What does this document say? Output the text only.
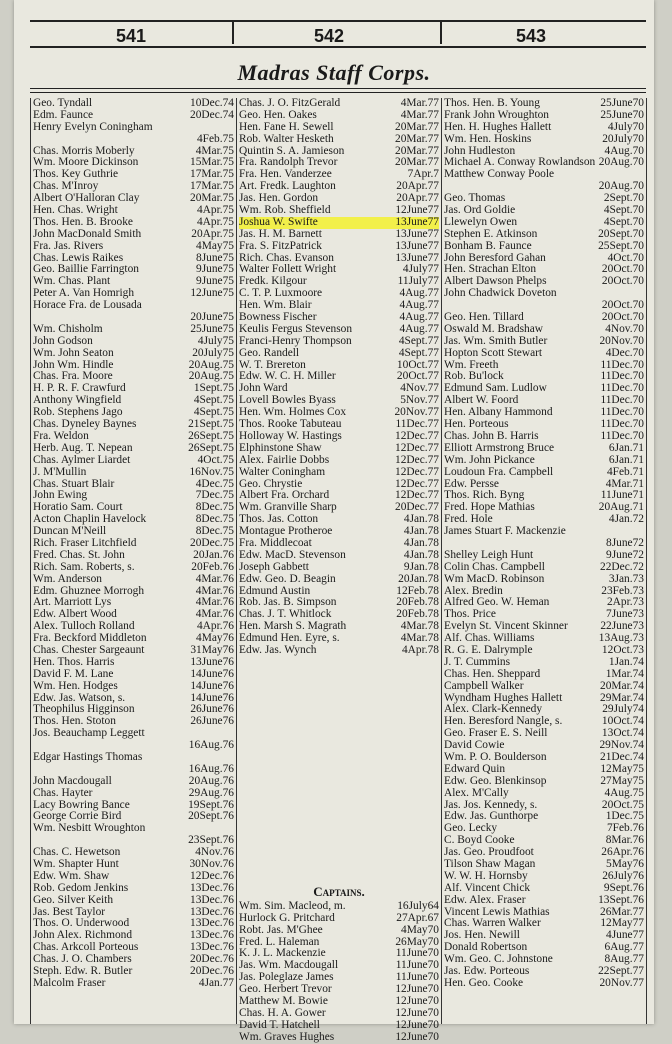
541	542	543
Madras Staff Corps.
Geo. Tyndall	10Dec.74
Edm. Faunce	20Dec.74
Henry Evelyn Coningham
4Feb.75
Chas. Morris Moberly	4Mar.75
Wm. Moore Dickinson	15Mar.75
Thos. Key Guthrie	17Mar.75
Chas. M'Inroy	17Mar.75
Albert O'Halloran Clay	20Mar.75
Hen. Chas. Wright	4Apr.75
Thos. Hen. B. Brooke	4Apr.75
John MacDonald Smith	20Apr.75
Fra. Jas. Rivers	4May75
Chas. Lewis Raikes	8June75
Geo. Baillie Farrington	9June75
Wm. Chas. Plant	9June75
Peter A. Van Homrigh	12June75
Horace Fra. de Lousada
20June75
Wm. Chisholm	25June75
John Godson	4July75
Wm. John Seaton	20July75
John Wm. Hindle	20Aug.75
Chas. Fra. Moore	20Aug.75
H. P. R. F. Crawfurd	1Sept.75
Anthony Wingfield	4Sept.75
Rob. Stephens Jago	4Sept.75
Chas. Dyneley Baynes	21Sept.75
Fra. Weldon	26Sept.75
Herb. Aug. T. Nepean	26Sept.75
Chas. Aylmer Liardet	4Oct.75
J. M'Mullin	16Nov.75
Chas. Stuart Blair	4Dec.75
John Ewing	7Dec.75
Horatio Sam. Court	8Dec.75
Acton Chaplin Havelock	8Dec.75
Duncan M'Neill	8Dec.75
Rich. Fraser Litchfield	20Dec.75
Fred. Chas. St. John	20Jan.76
Rich. Sam. Roberts, s.	20Feb.76
Wm. Anderson	4Mar.76
Edm. Ghuznee Morrogh	4Mar.76
Art. Marriott Lys	4Mar.76
Edw. Albert Wood	4Mar.76
Alex. Tulloch Rolland	4Apr.76
Fra. Beckford Middleton	4May76
Chas. Chester Sargeaunt	31May76
Hen. Thos. Harris	13June76
David F. M. Lane	14June76
Wm. Hen. Hodges	14June76
Edw. Jas. Watson, s.	14June76
Theophilus Higginson	26June76
Thos. Hen. Stoton	26June76
Jos. Beauchamp Leggett
16Aug.76
Edgar Hastings Thomas
16Aug.76
John Macdougall	20Aug.76
Chas. Hayter	29Aug.76
Lacy Bowring Bance	19Sept.76
George Corrie Bird	20Sept.76
Wm. Nesbitt Wroughton
23Sept.76
Chas. C. Hewetson	4Nov.76
Wm. Shapter Hunt	30Nov.76
Edw. Wm. Shaw	12Dec.76
Rob. Gedom Jenkins	13Dec.76
Geo. Silver Keith	13Dec.76
Jas. Best Taylor	13Dec.76
Thos. O. Underwood	13Dec.76
John Alex. Richmond	13Dec.76
Chas. Arkcoll Porteous	13Dec.76
Chas. J. O. Chambers	20Dec.76
Steph. Edw. R. Butler	20Dec.76
Malcolm Fraser	4Jan.77
Chas. J. O. FitzGerald	4Mar.77
Geo. Hen. Oakes	4Mar.77
Hen. Fane H. Sewell	20Mar.77
Rob. Walter Hesketh	20Mar.77
Quintin S. A. Jamieson	20Mar.77
Fra. Randolph Trevor	20Mar.77
Fra. Hen. Vanderzee	7Apr.7
Art. Fredk. Laughton	20Apr.77
Jas. Hen. Gordon	20Apr.77
Wm. Rob. Sheffield	12June77
Joshua W. Swifte	13June77
Jas. H. M. Barnett	13June77
Fra. S. FitzPatrick	13June77
Rich. Chas. Evanson	13June77
Walter Follett Wright	4July77
Fredk. Kilgour	11July77
C. T. P. Luxmoore	4Aug.77
Hen. Wm. Blair	4Aug.77
Bowness Fischer	4Aug.77
Keulis Fergus Stevenson	4Aug.77
Franci-Henry Thompson	4Sept.77
Geo. Randell	4Sept.77
W. T. Brereton	10Oct.77
Edw. W. C. H. Miller	20Oct.77
John Ward	4Nov.77
Lovell Bowles Byass	5Nov.77
Hen. Wm. Holmes Cox	20Nov.77
Thos. Rooke Tabuteau	11Dec.77
Holloway W. Hastings	12Dec.77
Elphinstone Shaw	12Dec.77
Alex. Fairlie Dobbs	12Dec.77
Walter Coningham	12Dec.77
Geo. Chrystie	12Dec.77
Albert Fra. Orchard	12Dec.77
Wm. Granville Sharp	20Dec.77
Thos. Jas. Cotton	4Jan.78
Montague Protheroe	4Jan.78
Fra. Middlecoat	4Jan.78
Edw. MacD. Stevenson	4Jan.78
Joseph Gabbett	9Jan.78
Edw. Geo. D. Beagin	20Jan.78
Edmund Austin	12Feb.78
Rob. Jas. B. Simpson	20Feb.78
Chas. J. T. Whitlock	20Feb.78
Hen. Marsh S. Magrath	4Mar.78
Edmund Hen. Eyre, s.	4Mar.78
Edw. Jas. Wynch	4Apr.78
Captains.
Wm. Sim. Macleod, m.	16July64
Hurlock G. Pritchard	27Apr.67
Robt. Jas. M'Ghee	4May70
Fred. L. Haleman	26May70
K. J. L. Mackenzie	11June70
Jas. Wm. Macdougall	11June70
Jas. Poleglaze James	11June70
Geo. Herbert Trevor	12June70
Matthew M. Bowie	12June70
Chas. H. A. Gower	12June70
David T. Hatchell	12June70
Wm. Graves Hughes	12June70
Thos. Hen. B. Young	25June70
Frank John Wroughton	25June70
Hen. H. Hughes Hallett	4July70
Wm. Hen. Hoskins	20July70
John Hudleston	4Aug.70
Michael A. Conway Rowlandson 20Aug.70
Matthew Conway Poole
20Aug.70
Geo. Thomas	2Sept.70
Jas. Ord Goldie	4Sept.70
Llewelyn Owen	4Sept.70
Stephen E. Atkinson	20Sept.70
Bonham B. Faunce	25Sept.70
John Beresford Gahan	4Oct.70
Hen. Strachan Elton	20Oct.70
Albert Dawson Phelps	20Oct.70
John Chadwick Doveton
20Oct.70
Geo. Hen. Tillard	20Oct.70
Oswald M. Bradshaw	4Nov.70
Jas. Wm. Smith Butler	20Nov.70
Hopton Scott Stewart	4Dec.70
Wm. Freeth	11Dec.70
Rob. Bu'lock	11Dec.70
Edmund Sam. Ludlow	11Dec.70
Albert W. Foord	11Dec.70
Hen. Albany Hammond	11Dec.70
Hen. Porteous	11Dec.70
Chas. John B. Harris	11Dec.70
Elliott Armstrong Bruce	6Jan.71
Wm. John Pickance	6Jan.71
Loudoun Fra. Campbell	4Feb.71
Edw. Persse	4Mar.71
Thos. Rich. Byng	11June71
Fred. Hope Mathias	20Aug.71
Fred. Hole	4Jan.72
James Stuart F. Mackenzie
8June72
Shelley Leigh Hunt	9June72
Colin Chas. Campbell	22Dec.72
Wm MacD. Robinson	3Jan.73
Alex. Bredin	23Feb.73
Alfred Geo. W. Heman	2Apr.73
Thos. Price	7June73
Evelyn St. Vincent Skinner	22June73
Alf. Chas. Williams	13Aug.73
R. G. E. Dalrymple	12Oct.73
J. T. Cummins	1Jan.74
Chas. Hen. Sheppard	1Mar.74
Campbell Walker	20Mar.74
Wyndham Hughes Hallett	29Mar.74
Alex. Clark-Kennedy	29July74
Hen. Beresford Nangle, s.	10Oct.74
Geo. Fraser E. S. Neill	13Oct.74
David Cowie	29Nov.74
Wm. P. O. Boulderson	21Dec.74
Edward Quin	12May75
Edw. Geo. Blenkinsop	27May75
Alex. M'Cally	4Aug.75
Jas. Jos. Kennedy, s.	20Oct.75
Edw. Jas. Gunthorpe	1Dec.75
Geo. Lecky	7Feb.76
C. Boyd Cooke	8Mar.76
Jas. Geo. Proudfoot	26Apr.76
Tilson Shaw Magan	5May76
W. W. H. Hornsby	26July76
Alf. Vincent Chick	9Sept.76
Edw. Alex. Fraser	13Sept.76
Vincent Lewis Mathias	26Mar.77
Chas. Warren Walker	12May77
Jos. Hen. Newill	4June77
Donald Robertson	6Aug.77
Wm. Geo. C. Johnstone	8Aug.77
Jas. Edw. Porteous	22Sept.77
Hen. Geo. Cooke	20Nov.77
